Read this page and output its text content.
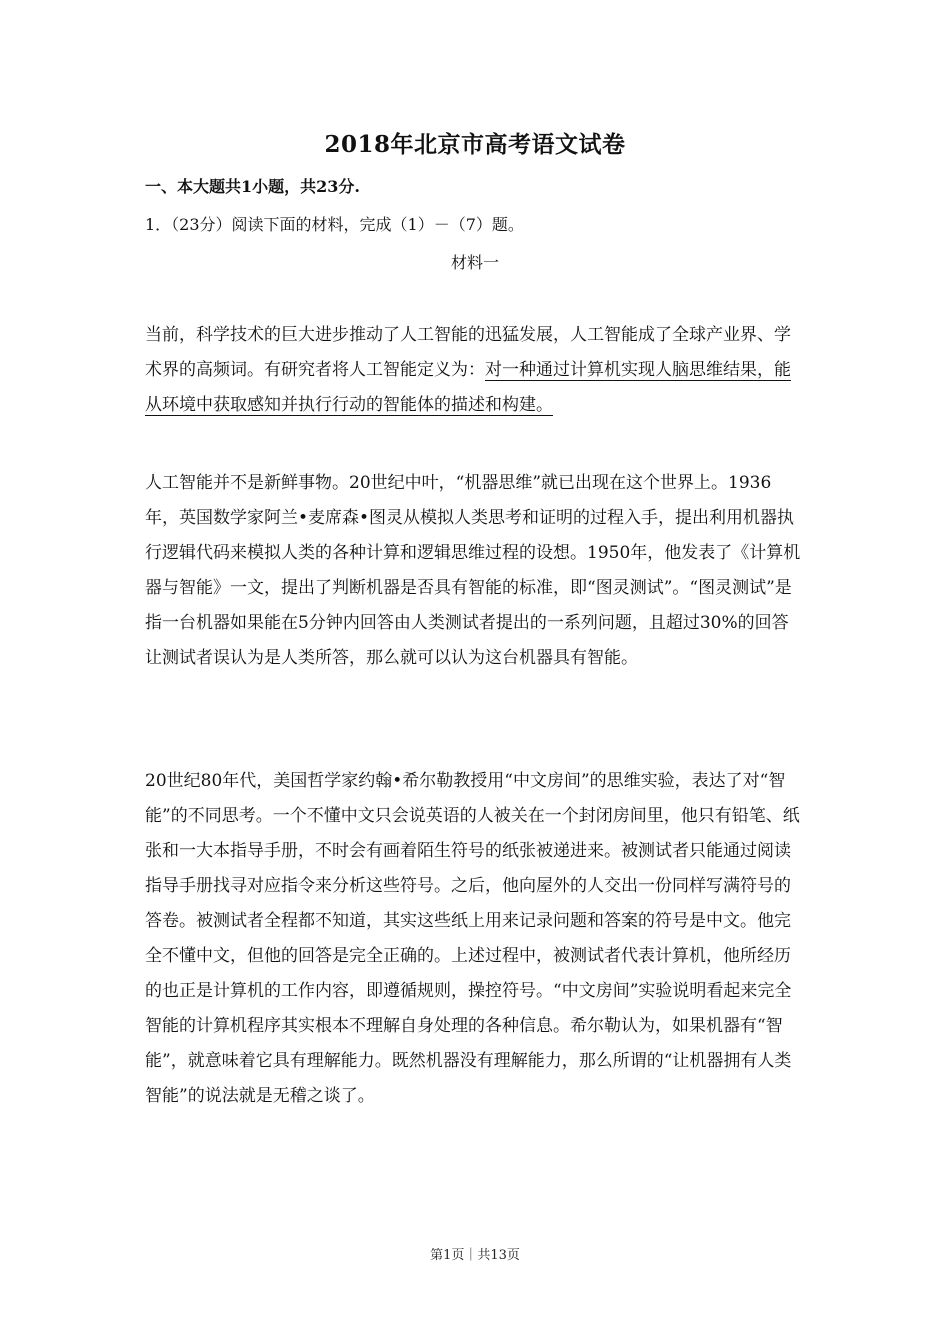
2018年北京市高考语文试卷
一、本大题共1小题，共23分.
1．（23分）阅读下面的材料，完成（1）－（7）题。
材料一

当前，科学技术的巨大进步推动了人工智能的迅猛发展，人工智能成了全球产业界、学术界的高频词。有研究者将人工智能定义为：对一种通过计算机实现人脑思维结果，能从环境中获取感知并执行行动的智能体的描述和构建。

人工智能并不是新鲜事物。20世纪中叶，“机器思维”就已出现在这个世界上。1936年，英国数学家阿兰•麦席森•图灵从模拟人类思考和证明的过程入手，提出利用机器执行逻辑代码来模拟人类的各种计算和逻辑思维过程的设想。1950年，他发表了《计算机器与智能》一文，提出了判断机器是否具有智能的标准，即“图灵测试”。“图灵测试”是指一台机器如果能在5分钟内回答由人类测试者提出的一系列问题，且超过30%的回答让测试者误认为是人类所答，那么就可以认为这台机器具有智能。

20世纪80年代，美国哲学家约翰•希尔勒教授用“中文房间”的思维实验，表达了对“智能”的不同思考。一个不懂中文只会说英语的人被关在一个封闭房间里，他只有铅笔、纸张和一大本指导手册，不时会有画着陌生符号的纸张被递进来。被测试者只能通过阅读指导手册找寻对应指令来分析这些符号。之后，他向屋外的人交出一份同样写满符号的答卷。被测试者全程都不知道，其实这些纸上用来记录问题和答案的符号是中文。他完全不懂中文，但他的回答是完全正确的。上述过程中，被测试者代表计算机，他所经历的也正是计算机的工作内容，即遵循规则，操控符号。“中文房间”实验说明看起来完全智能的计算机程序其实根本不理解自身处理的各种信息。希尔勒认为，如果机器有“智能”，就意味着它具有理解能力。既然机器没有理解能力，那么所谓的“让机器拥有人类智能”的说法就是无稽之谈了。

第1页｜共13页
